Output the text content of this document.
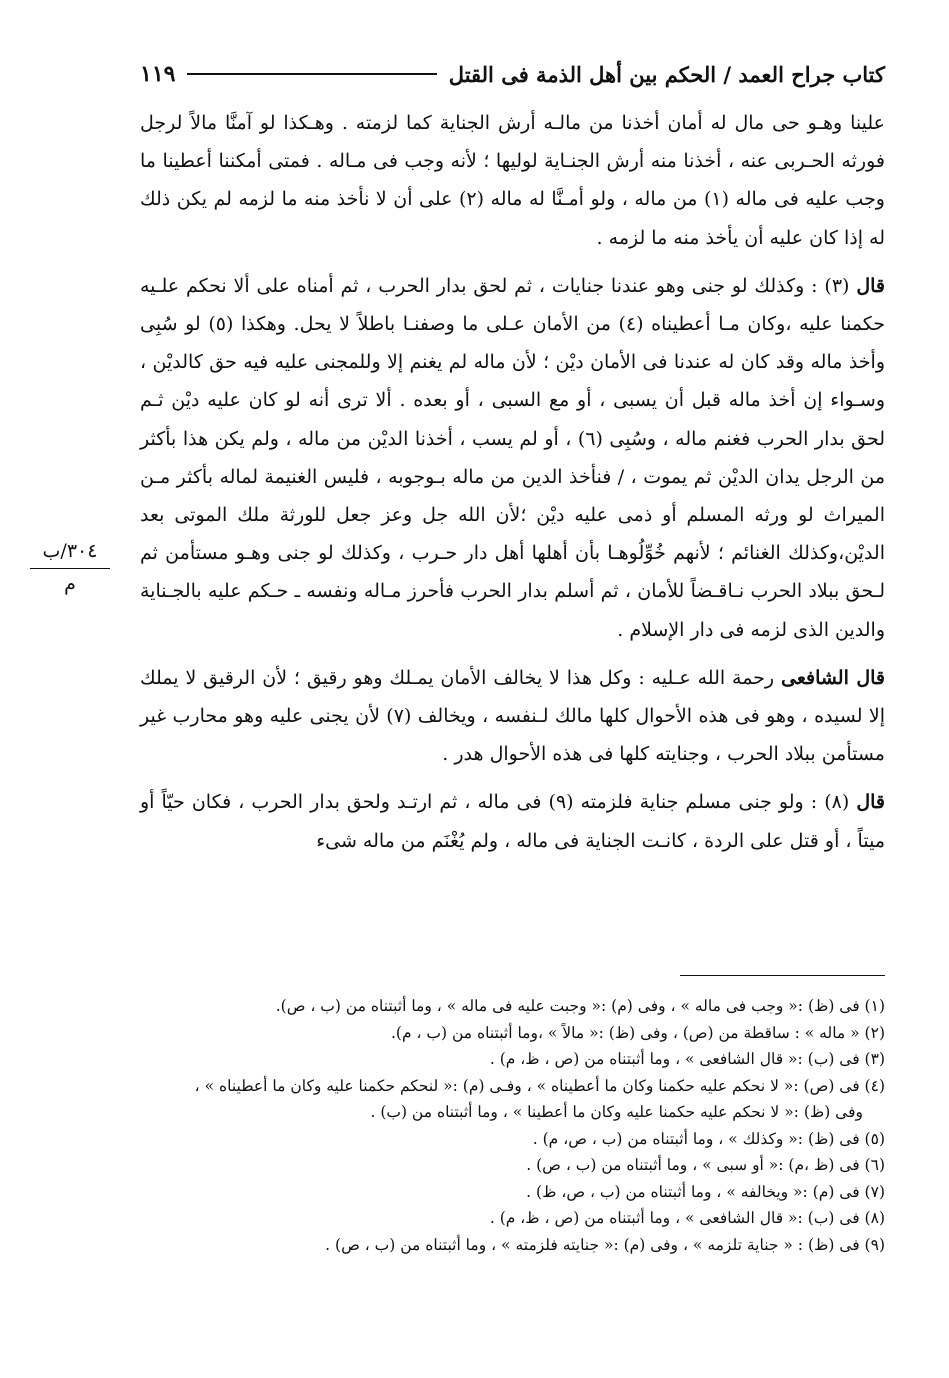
كتاب جراح العمد / الحكم بين أهل الذمة فى القتل
١١٩

علينا وهـو حى مال له أمان أخذنا من مالـه أرش الجناية كما لزمته . وهـكذا لو آمنَّا مالاً لرجل فورثه الحـربى عنه ، أخذنا منه أرش الجنـاية لوليها ؛ لأنه وجب فى مـاله . فمتى أمكننا أعطينا ما وجب عليه فى ماله (١) من ماله ، ولو أمـنَّا له ماله (٢) على أن لا نأخذ منه ما لزمه لم يكن ذلك له إذا كان عليه أن يأخذ منه ما لزمه .

قال (٣) : وكذلك لو جنى وهو عندنا جنايات ، ثم لحق بدار الحرب ، ثم أمناه على ألا نحكم علـيه حكمنا عليه ،وكان مـا أعطيناه (٤) من الأمان عـلى ما وصفنـا باطلاً لا يحل. وهكذا (٥) لو سُبِى وأخذ ماله وقد كان له عندنا فى الأمان ديْن ؛ لأن ماله لم يغنم إلا وللمجنى عليه فيه حق كالديْن ، وسـواء إن أخذ ماله قبل أن يسبى ، أو مع السبى ، أو بعده . ألا ترى أنه لو كان عليه ديْن ثـم لحق بدار الحرب فغنم ماله ، وسُبِى (٦) ، أو لم يسب ، أخذنا الديْن من ماله ، ولم يكن هذا بأكثر من الرجل يدان الديْن ثم يموت ، / فنأخذ الدين من ماله بـوجوبه ، فليس الغنيمة لماله بأكثر مـن الميراث لو ورثه المسلم أو ذمى عليه ديْن ؛لأن الله جل وعز جعل للورثة ملك الموتى بعد الديْن،وكذلك الغنائم ؛ لأنهم خُوِّلُوهـا بأن أهلها أهل دار حـرب ، وكذلك لو جنى وهـو مستأمن ثم لـحق ببلاد الحرب نـاقـضاً للأمان ، ثم أسلم بدار الحرب فأحرز مـاله ونفسه ـ حـكم عليه بالجـناية والدين الذى لزمه فى دار الإسلام .

قال الشافعى رحمة الله عـليه : وكل هذا لا يخالف الأمان يمـلك وهو رقيق ؛ لأن الرقيق لا يملك إلا لسيده ، وهو فى هذه الأحوال كلها مالك لـنفسه ، ويخالف (٧) لأن يجنى عليه وهو محارب غير مستأمن ببلاد الحرب ، وجنايته كلها فى هذه الأحوال هدر .

قال (٨) : ولو جنى مسلم جناية فلزمته (٩) فى ماله ، ثم ارتـد ولحق بدار الحرب ، فكان حيّاً أو ميتاً ، أو قتل على الردة ، كانـت الجناية فى ماله ، ولم يُغْنَم من ماله شىء

٣٠٤/ب
م

(١) فى (ظ) :« وجب فى ماله » ، وفى (م) :« وجبت عليه فى ماله » ، وما أثبتناه من (ب ، ص).

(٢) « ماله » : ساقطة من (ص) ، وفى (ظ) :« مالاً » ،وما أثبتناه من (ب ، م).

(٣) فى (ب) :« قال الشافعى » ، وما أثبتناه من (ص ، ظ، م) .

(٤) فى (ص) :« لا نحكم عليه حكمنا وكان ما أعطيناه » ، وفـى (م) :« لنحكم حكمنا عليه وكان ما أعطيناه » ،

وفى (ظ) :« لا نحكم عليه حكمنا عليه وكان ما أعطينا » ، وما أثبتناه من (ب) .

(٥) فى (ظ) :« وكذلك » ، وما أثبتناه من (ب ، ص، م) .

(٦) فى (ظ ،م) :« أو سبى » ، وما أثبتناه من (ب ، ص) .

(٧) فى (م) :« ويخالفه » ، وما أثبتناه من (ب ، ص، ظ) .

(٨) فى (ب) :« قال الشافعى » ، وما أثبتناه من (ص ، ظ، م) .

(٩) فى (ظ) : « جناية تلزمه » ، وفى (م) :« جنايته فلزمته » ، وما أثبتناه من (ب ، ص) .
